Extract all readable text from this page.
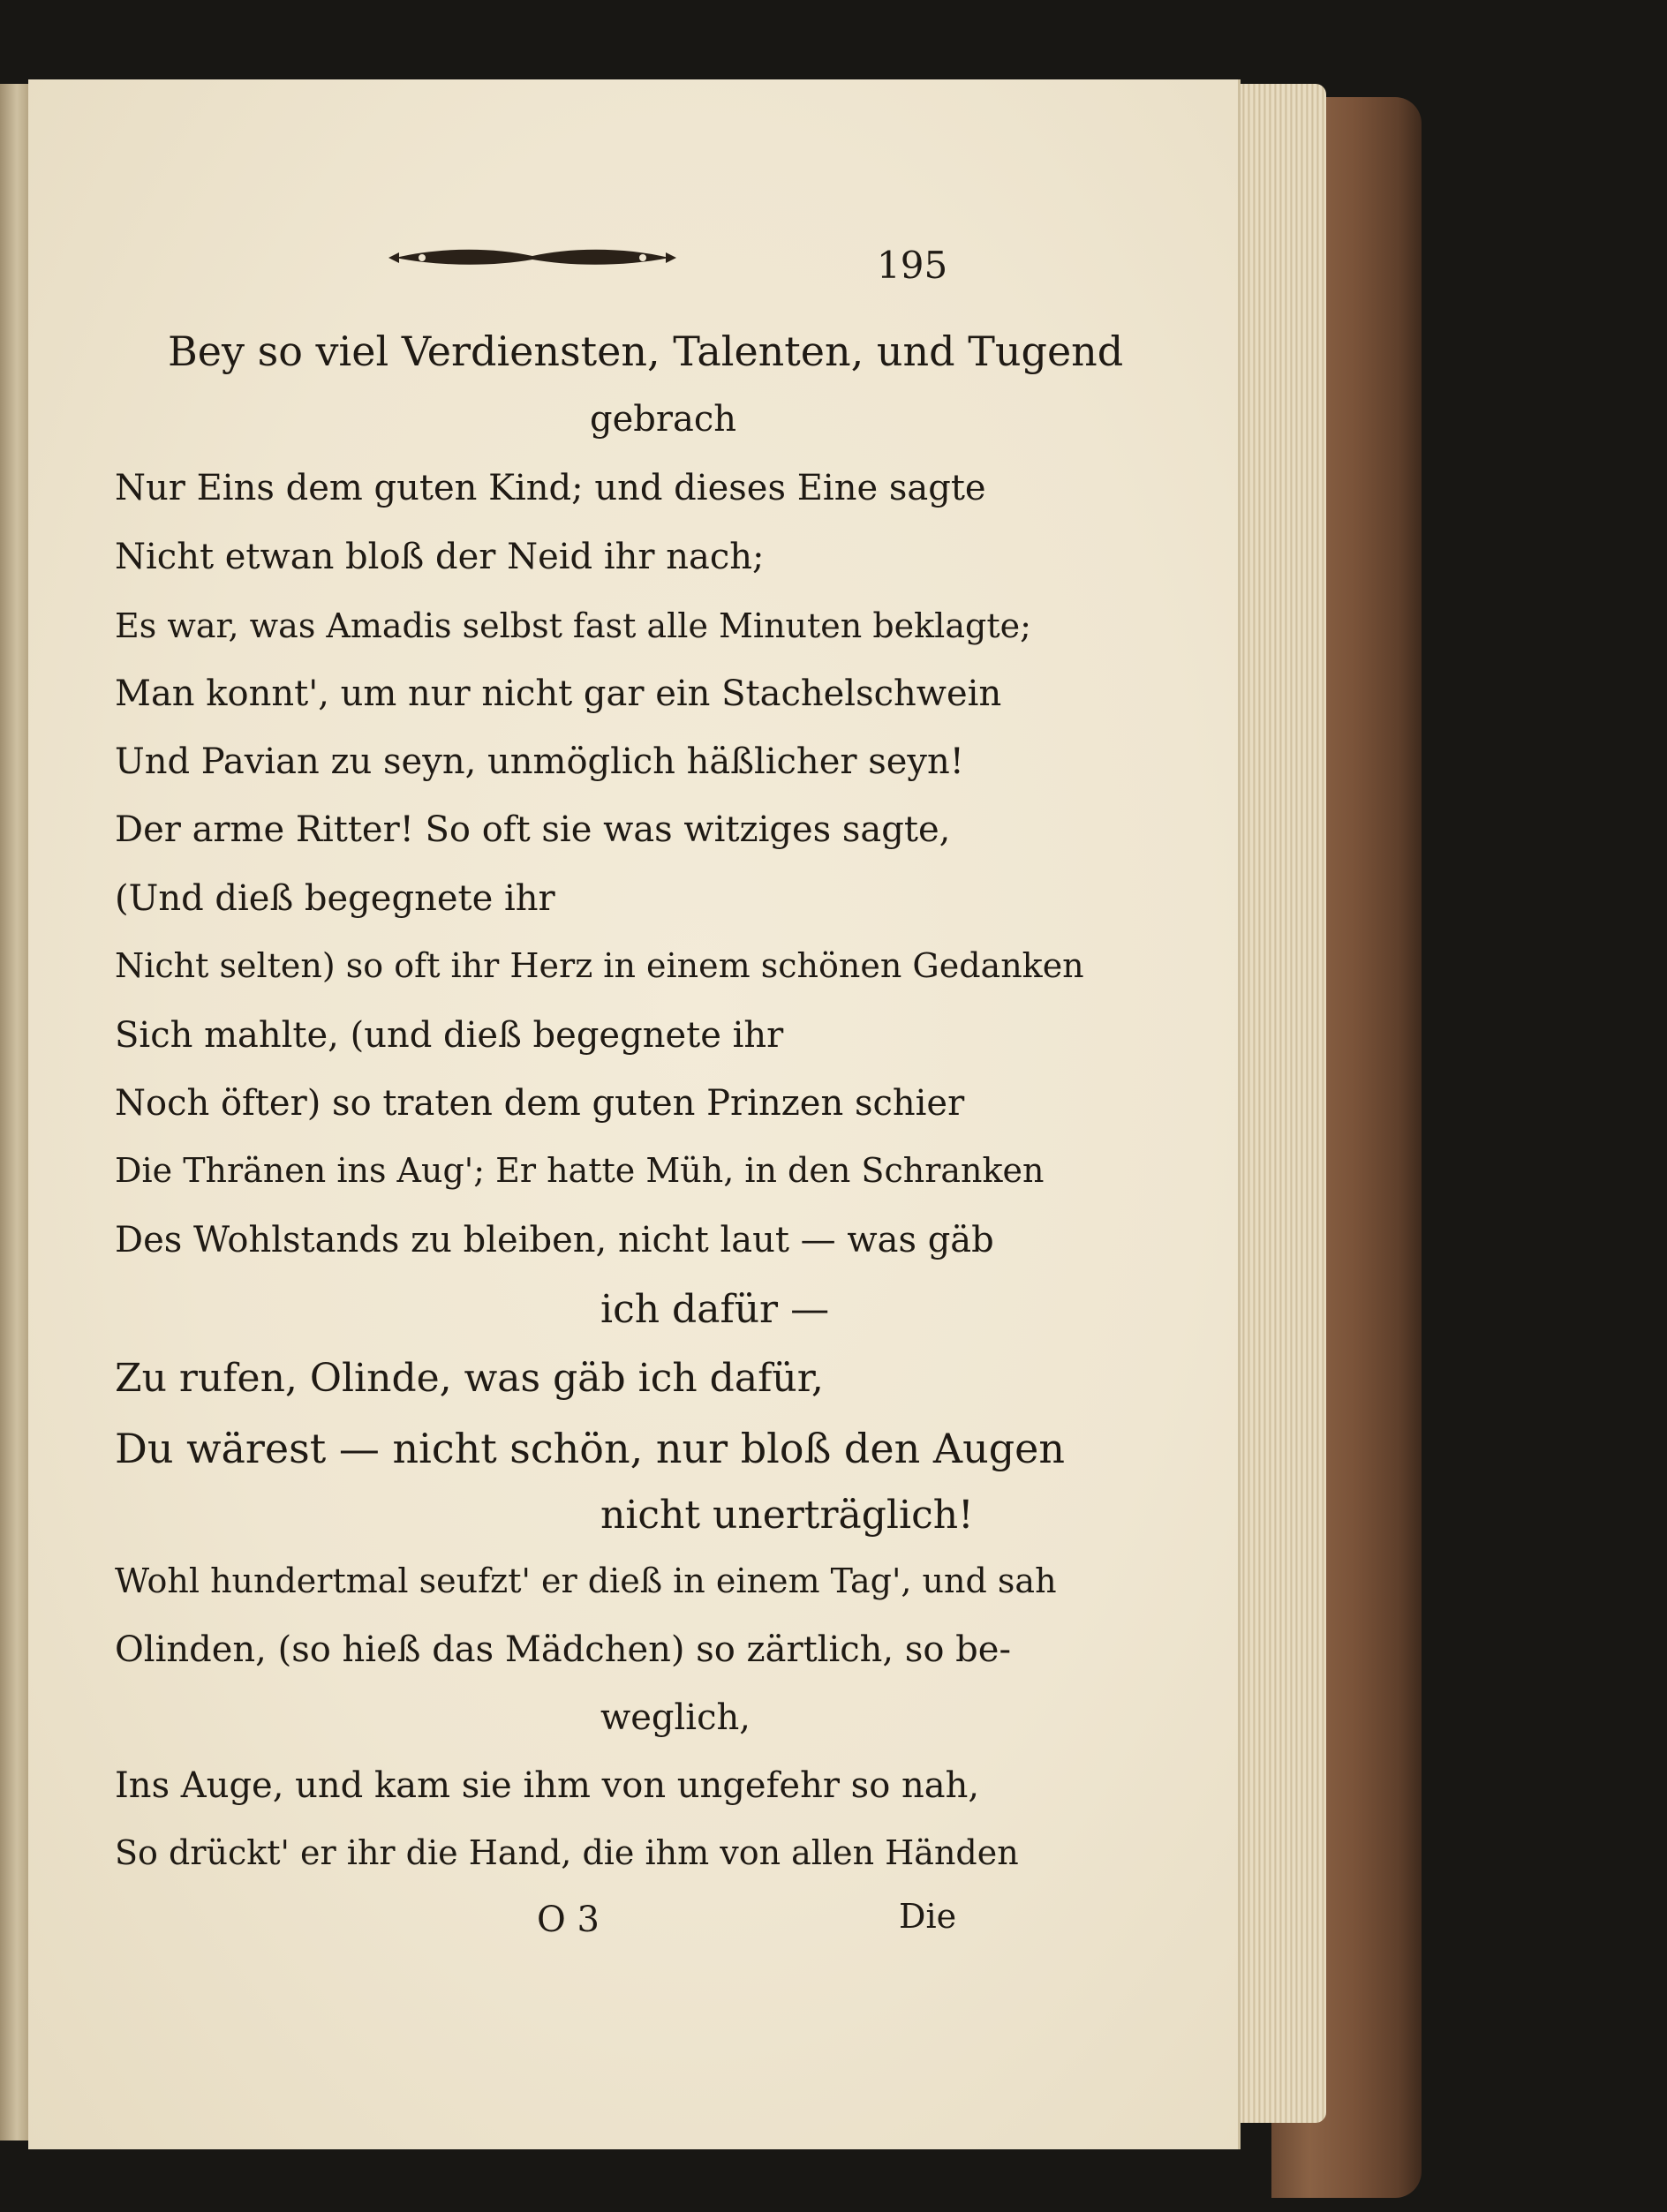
195
Bey so viel Verdiensten, Talenten, und Tugend
gebrach
Nur Eins dem guten Kind; und dieses Eine sagte
Nicht etwan bloß der Neid ihr nach;
Es war, was Amadis selbst fast alle Minuten beklagte;
Man konnt', um nur nicht gar ein Stachelschwein
Und Pavian zu seyn, unmöglich häßlicher seyn!
Der arme Ritter! So oft sie was witziges sagte,
(Und dieß begegnete ihr
Nicht selten) so oft ihr Herz in einem schönen Gedanken
Sich mahlte, (und dieß begegnete ihr
Noch öfter) so traten dem guten Prinzen schier
Die Thränen ins Aug'; Er hatte Müh, in den Schranken
Des Wohlstands zu bleiben, nicht laut — was gäb
ich dafür —
Zu rufen, Olinde, was gäb ich dafür,
Du wärest — nicht schön, nur bloß den Augen
nicht unerträglich!
Wohl hundertmal seufzt' er dieß in einem Tag', und sah
Olinden, (so hieß das Mädchen) so zärtlich, so be-
weglich,
Ins Auge, und kam sie ihm von ungefehr so nah,
So drückt' er ihr die Hand, die ihm von allen Händen
O 3	Die
